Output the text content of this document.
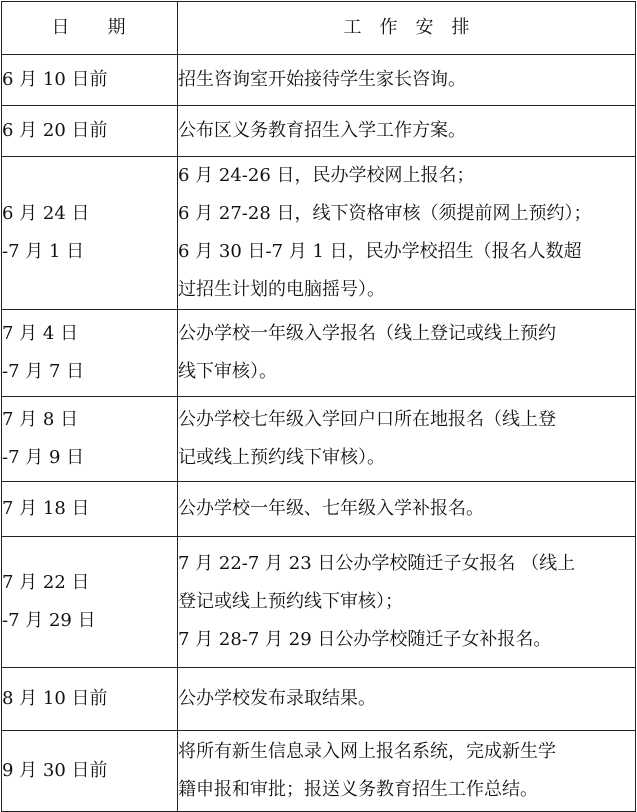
日期	工作安排

6 月 10 日前	招生咨询室开始接待学生家长咨询。

6 月 20 日前	公布区义务教育招生入学工作方案。

6 月 24 日
-7 月 1 日	6 月 24-26 日，民办学校网上报名；
6 月 27-28 日，线下资格审核（须提前网上预约）；
6 月 30 日-7 月 1 日，民办学校招生（报名人数超
过招生计划的电脑摇号）。

7 月 4 日
-7 月 7 日	公办学校一年级入学报名（线上登记或线上预约
线下审核）。

7 月 8 日
-7 月 9 日	公办学校七年级入学回户口所在地报名（线上登
记或线上预约线下审核）。

7 月 18 日	公办学校一年级、七年级入学补报名。

7 月 22 日
-7 月 29 日	7 月 22-7 月 23 日公办学校随迁子女报名 （线上
登记或线上预约线下审核）；
7 月 28-7 月 29 日公办学校随迁子女补报名。

8 月 10 日前	公办学校发布录取结果。

9 月 30 日前	将所有新生信息录入网上报名系统，完成新生学
籍申报和审批；报送义务教育招生工作总结。
